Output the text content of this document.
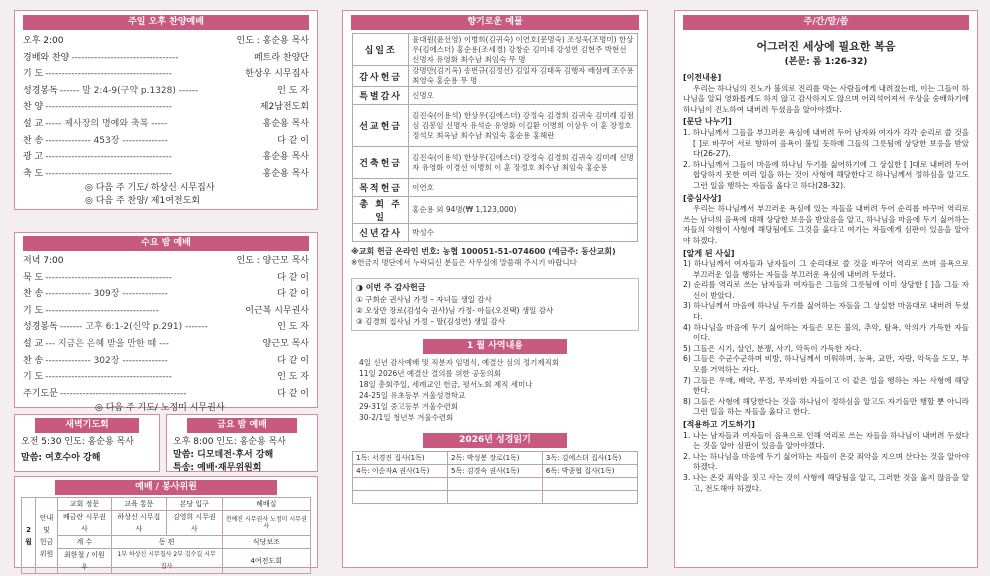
주일 오후 찬양예배
오후 2:00	인도 : 홍순용 목사
경배와 찬양 ---------------------------------	페트라 찬양단
기 도 ---------------------------------------	한상우 시무집사
성경봉독 ------ 말 2:4-9(구약 p.1328) ------	인 도 자
찬 양 ---------------------------------------	제2남전도회
설 교 ----- 제사장의 명예와 축복 -----	홍순용 목사
찬 송 -------------- 453장 --------------	다 같 이
광 고 ---------------------------------------	홍순용 목사
축 도 ---------------------------------------	홍순용 목사
◎ 다음 주 기도/ 하상신 시무집사
◎ 다음 주 찬양/ 제1여전도회
수요 밤 예배
저녁 7:00	인도 : 양근모 목사
묵 도 ---------------------------------------	다 같 이
찬 송 -------------- 309장 --------------	다 같 이
기 도 -----------------------------------	이근복 시무권사
성경봉독 ------- 고후 6:1-2(신약 p.291) -------	인 도 자
설 교 --- 지금은 은혜 받을 만한 때 ---	양근모 목사
찬 송 -------------- 302장 --------------	다 같 이
기 도 ---------------------------------------	인 도 자
주기도문 ---------------------------------------	다 같 이
◎ 다음 주 기도/ 노정미 시무권사
새벽기도회
오전 5:30 인도: 홍순용 목사
말씀: 여호수아 강해
금요 밤 예배
오후 8:00 인도: 홍순용 목사
말씀: 디모데전·후서 강해
특송: 예배·재무위원회
예배 / 봉사위원
2월	안내 및 헌금 위원	교회 정문	교육 통문	본당 입구	헤배실
		배금란 시무권사	하상신 시무집사	김영희 시무권사	전예진 시무권사 노정미 시무권사
		계 수	동 편		식당보조
		최한철 / 이원우	1부 하상신 시무집사 2부 김수길 시무집사		4여전도회
향기로운 예물
십일조	윤대원(윤선영) 이병희(김귀숙) 이연호(문명숙) 조성욱(조명미) 한상우(김에스더) 홍순용(조세경) 강창순 김미네 강성연 김현주 박현선 신명자 유영화 최수남 최임숙 무 명
감사헌금	강명만(김기옥) 송번규(김정선) 김일자 김태옥 김행자 배삼례 조수용 최영숙 홍순용 무 명
특별감사	신명오
선교헌금	김진숙(이용석) 한상우(김에스더) 강정숙 김경희 김귀숙 김미례 김점심 김봉임 신명자 유석순 유영화 이길환 이병희 이상우 이 훈 장정호 정석모 최옥남 최수남 최임숙 홍순용 홍헤란
건축헌금	김진숙(이용석) 한상우(김에스더) 강정숙 김경희 김귀숙 김미례 신명자 유영화 이경선 이병희 이 훈 장정호 최수남 최임숙 홍순용
목적헌금	이연호
총 회 주 일	홍순용 외 94명(₩ 1,123,000)
신년감사	박성수
※교회 헌금 온라인 번호: 농협 100051-51-074600 (예금주: 동산교회)
※헌금지 명단에서 누락되신 분들은 사무실에 말씀해 주시기 바랍니다
◑ 이번 주 감사헌금
① 구희순 권사님 가정 – 자녀들 생일 감사
② 오상만 장로(김성숙 권사)님 가정- 아들(오진택) 생일 감사
③ 김경희 집사님 가정 – 딸(김성연) 생일 감사
1 월 사역내용
4일 신년 감사예배 및 직분자 임명식, 예결산 심의 정기제직회
11일 2026년 예결산 결의를 위한 공동의회
18일 총회주일, 세례교인 헌금, 평서노회 제직 세미나
24-25일 유초등부 겨울성경학교
29-31일 중고등부 겨울수련회
30-2/1일 청년부 겨울수련회
2026년 성경읽기
1독: 서경진 집사(1독)	2독: 박성봉 장로(1독)	3독: 김에스더 집사(1독)
4독: 이순자A 권사(1독)	5독: 김경숙 권사(1독)	6독: 박종협 집사(1독)

주/간/말/씀
어그러진 세상에 필요한 복음
(본문: 롬 1:26-32)
[이전내용]

우리는 하나님의 진노가 불의로 진리를 막는 사람들에게 내려졌는데, 이는 그들이 하나님을 알되 영화롭게도 하지 않고 감사하지도 않으며 어리석어져서 우상을 숭배하기에 하나님이 진노하여 내버려 두셨음을 알아야겠다.

[문단 나누기]
1. 하나님께서 그들을 부끄러운 욕심에 내버려 두어 남자와 여자가 각각 순리로 쓸 것을 [ ]로 바꾸어 서로 향하여 음욕이 불일 듯하매 그들의 그릇됨에 상당한 보응을 받았다(26-27).
2. 하나님께서 그들이 마음에 하나님 두기를 싫어하기에 그 상실한 [ ]대로 내버려 두어 합당하지 못한 여러 일을 하는 것이 사형에 해당한다고 하나님께서 정하심을 알고도 그런 일을 행하는 자들을 옳다고 하다(28-32).
[중심사상]

우리는 하나님께서 부끄러운 욕심에 있는 자들을 내버려 두어 순리를 바꾸어 역리로 쓰는 남녀의 음욕에 대해 상당한 보응을 받았음을 알고, 하나님을 마음에 두기 싫어하는 자들의 악함이 사형에 해당됨에도 그것을 옳다고 여기는 자들에게 심판이 있음을 알아야 하겠다.

[알게 된 사실]
1) 하나님께서 여자들과 남자들이 그 순리대로 쓸 것을 바꾸어 역리로 쓰며 음욕으로 부끄러운 일을 행하는 자들을 부끄러운 욕심에 내버려 두셨다.
2) 순리를 역리로 쓰는 남자들과 여자들은 그들의 그릇됨에 이미 상당한 [ ]을 그들 자신이 받았다.
3) 하나님께서 마음에 하나님 두기를 싫어하는 자들을 그 상실한 마음대로 내버려 두셨다.
4) 하나님을 마음에 두기 싫어하는 자들은 모든 불의, 추악, 탐욕, 악의가 가득한 자들이다.
5) 그들은 시기, 살인, 분쟁, 사기, 악독이 가득한 자다.
6) 그들은 수군수군하며 비방, 하나님께서 미워하며, 능욕, 교만, 자랑, 악독을 도모, 부모를 거역하는 자다.
7) 그들은 우매, 배약, 무정, 무자비한 자들이고 이 같은 일을 행하는 자는 사형에 해당한다.
8) 그들은 사형에 해당한다는 것을 하나님이 정하심을 알고도 자기들만 행할 뿐 아니라 그런 일을 하는 자들을 옳다고 한다.
[적용하고 기도하기]
1. 나는 남자들과 여자들이 음욕으로 인해 역리로 쓰는 자들을 하나님이 내버려 두셨다는 것을 알아 심판이 있음을 알아야겠다.
2. 나는 하나님을 마음에 두기 싫어하는 자들이 온갖 죄악을 지으며 산다는 것을 알아야 하겠다.
3. 나는 온갖 죄악을 짓고 사는 것이 사형에 해당됨을 알고, 그러한 것을 옳지 않음을 알고, 전도해야 하겠다.
